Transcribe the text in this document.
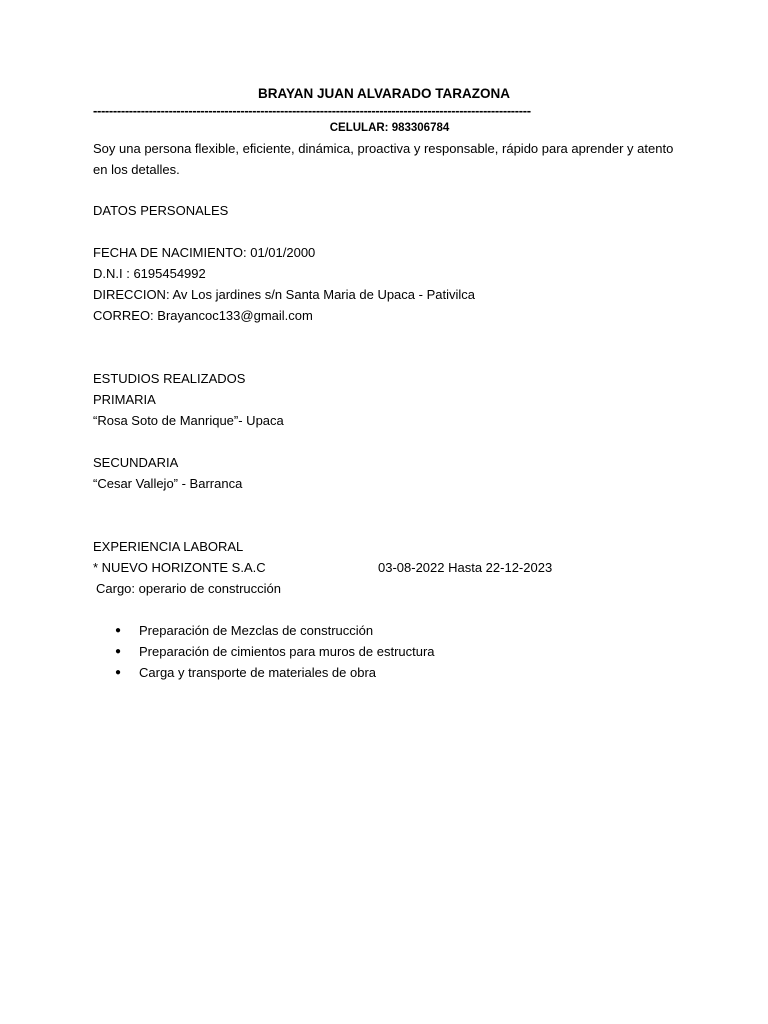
BRAYAN JUAN ALVARADO TARAZONA
--------------------------------------------------------------------------------------------------------------
CELULAR: 983306784
Soy una persona flexible, eficiente, dinámica, proactiva y responsable, rápido para aprender y atento
en los detalles.
DATOS PERSONALES
FECHA DE NACIMIENTO: 01/01/2000
D.N.I : 6195454992
DIRECCION: Av Los jardines s/n Santa Maria de Upaca - Pativilca
CORREO: Brayancoc133@gmail.com
ESTUDIOS REALIZADOS
PRIMARIA
“Rosa Soto de Manrique”- Upaca
SECUNDARIA
“Cesar Vallejo” - Barranca
EXPERIENCIA LABORAL
* NUEVO HORIZONTE S.A.C	03-08-2022 Hasta 22-12-2023
Cargo: operario de construcción
● Preparación de Mezclas de construcción
● Preparación de cimientos para muros de estructura
● Carga y transporte de materiales de obra
